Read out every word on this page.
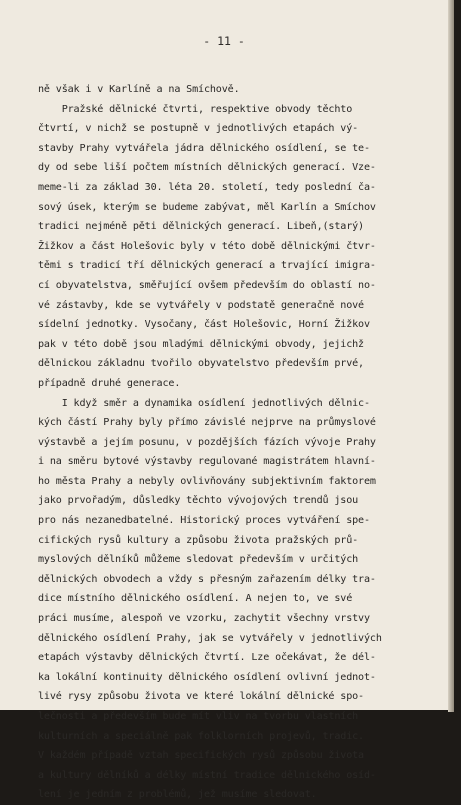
- 11 -
ně však i v Karlíně a na Smíchově.
Pražské dělnické čtvrti, respektive obvody těchto
čtvrtí, v nichž se postupně v jednotlivých etapách vý-
stavby Prahy vytvářela jádra dělnického osídlení, se te-
dy od sebe liší počtem místních dělnických generací. Vze-
meme-li za základ 30. léta 20. století, tedy poslední ča-
sový úsek, kterým se budeme zabývat, měl Karlín a Smíchov
tradici nejméně pěti dělnických generací. Libeň,(starý)
Žižkov a část Holešovic byly v této době dělnickými čtvr-
těmi s tradicí tří dělnických generací a trvající imigra-
cí obyvatelstva, směřující ovšem především do oblastí no-
vé zástavby, kde se vytvářely v podstatě generačně nové
sídelní jednotky. Vysočany, část Holešovic, Horní Žižkov
pak v této době jsou mladými dělnickými obvody, jejichž
dělnickou základnu tvořilo obyvatelstvo především prvé,
případně druhé generace.
I když směr a dynamika osídlení jednotlivých dělnic-
kých částí Prahy byly přímo závislé nejprve na průmyslové
výstavbě a jejím posunu, v pozdějších fázích vývoje Prahy
i na směru bytové výstavby regulované magistrátem hlavní-
ho města Prahy a nebyly ovlivňovány subjektivním faktorem
jako prvořadým, důsledky těchto vývojových trendů jsou
pro nás nezanedbatelné. Historický proces vytváření spe-
cifických rysů kultury a způsobu života pražských prů-
myslových dělníků můžeme sledovat především v určitých
dělnických obvodech a vždy s přesným zařazením délky tra-
dice místního dělnického osídlení. A nejen to, ve své
práci musíme, alespoň ve vzorku, zachytit všechny vrstvy
dělnického osídlení Prahy, jak se vytvářely v jednotlivých
etapách výstavby dělnických čtvrtí. Lze očekávat, že dél-
ka lokální kontinuity dělnického osídlení ovlivní jednot-
livé rysy způsobu života ve které lokální dělnické spo-
lečnosti a především bude mít vliv na tvorbu vlastních
kulturních a speciálně pak folklorních projevů, tradic.
V každém případě vztah specifických rysů způsobu života
a kultury dělníků a délky místní tradice dělnického osíd-
lení je jedním z problémů, jež musíme sledovat.
